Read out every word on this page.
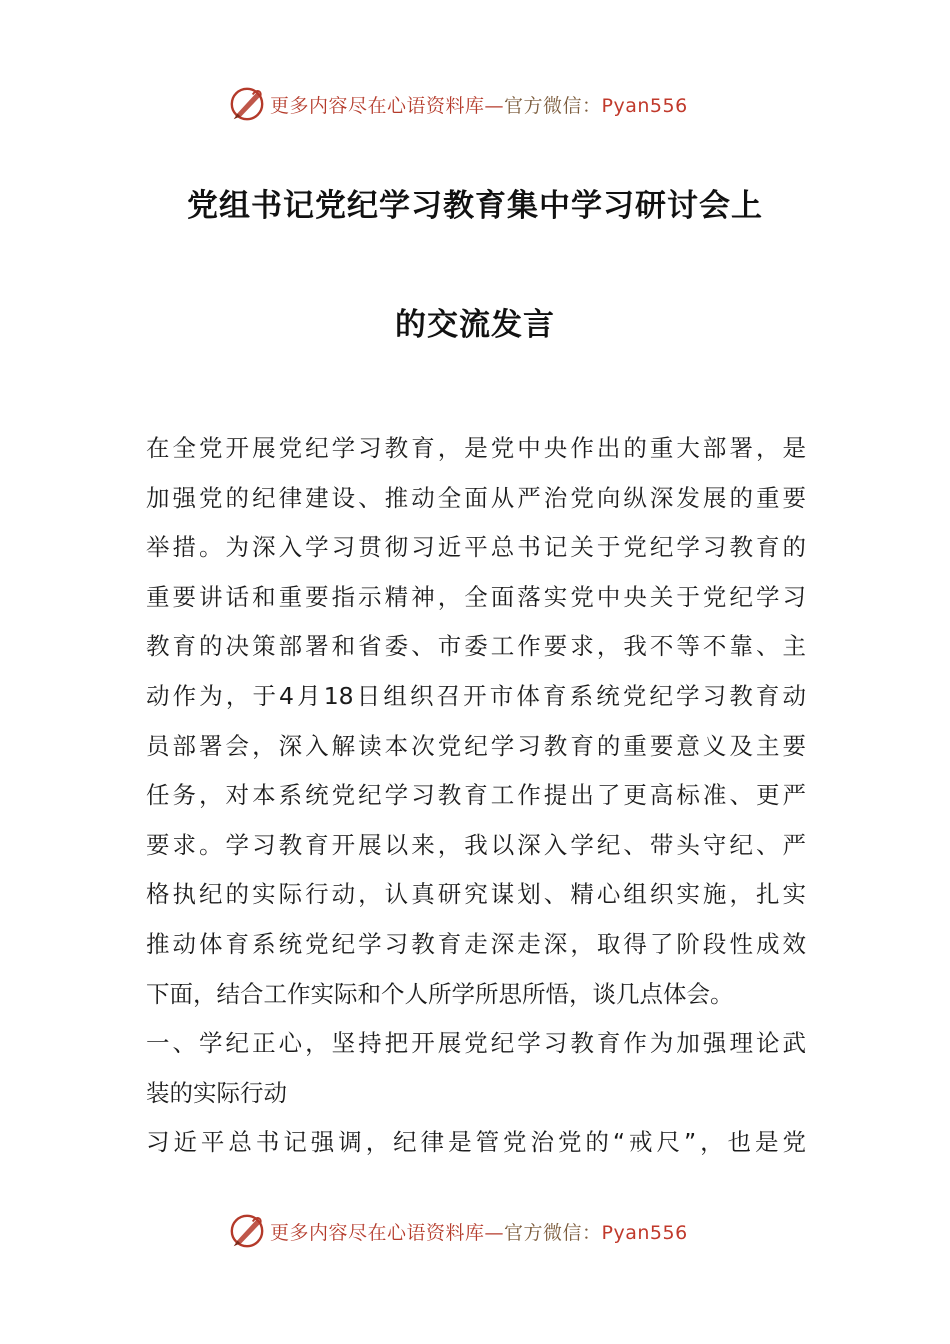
更多内容尽在心语资料库—官方微信：Pyan556
党组书记党纪学习教育集中学习研讨会上
的交流发言
在全党开展党纪学习教育，是党中央作出的重大部署，是
加强党的纪律建设、推动全面从严治党向纵深发展的重要
举措。为深入学习贯彻习近平总书记关于党纪学习教育的
重要讲话和重要指示精神，全面落实党中央关于党纪学习
教育的决策部署和省委、市委工作要求，我不等不靠、主
动作为，于4月18日组织召开市体育系统党纪学习教育动
员部署会，深入解读本次党纪学习教育的重要意义及主要
任务，对本系统党纪学习教育工作提出了更高标准、更严
要求。学习教育开展以来，我以深入学纪、带头守纪、严
格执纪的实际行动，认真研究谋划、精心组织实施，扎实
推动体育系统党纪学习教育走深走深，取得了阶段性成效
下面，结合工作实际和个人所学所思所悟，谈几点体会。
一、学纪正心，坚持把开展党纪学习教育作为加强理论武
装的实际行动
习近平总书记强调，纪律是管党治党的“戒尺”，也是党
更多内容尽在心语资料库—官方微信：Pyan556
